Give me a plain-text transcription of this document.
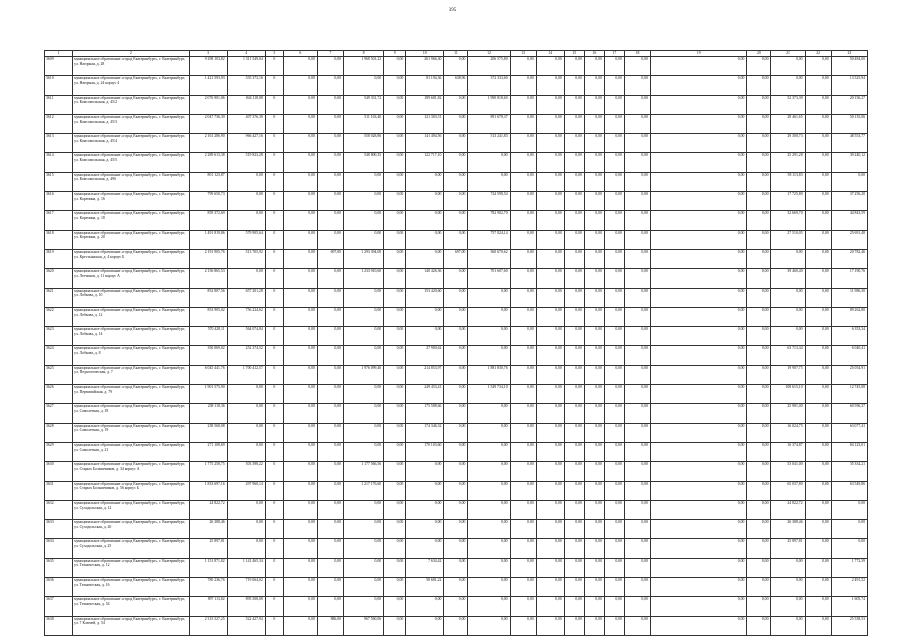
395
1	2	3	4	5	6	7	8	9	10	11	12	13	14	15	16	17	18	19	20	21	22	23
3609	муниципальное образование «город Екатеринбург», г. Екатеринбург, ул. Нагорная, д. 28	9 298 103,82	1 511 549,04	0	0,00	0,00	1 968 501,22	0,00	261 966,30	0,00	206 575,80	0,00	0,00	0,00	0,00	0,00	0,00	0,00	0,00	0,00	0,00	50 484,00
3610	муниципальное образование «город Екатеринбург», г. Екатеринбург, ул. Нагорная, д. 24 корпус 4	1 421 593,93	535 373,16	0	0,00	0,00	0,00	0,00	81 194,36	638,96	372 333,60	0,00	0,00	0,00	0,00	0,00	0,00	0,00	0,00	0,00	0,00	13 525,94
3611	муниципальное образование «город Екатеринбург», г. Екатеринбург, ул. Комсомольская, д. 45/2	2 076 901,06	844 118,08	0	0,00	0,00	549 331,72	0,00	189 681,82	0,00	1 990 818,60	0,00	0,00	0,00	0,00	0,00	0,00	0,00	0,00	52 373,39	0,00	20 156,27
3612	муниципальное образование «город Екатеринбург», г. Екатеринбург, ул. Комсомольская, д. 45/3	2 047 736,39	407 376,39	0	0,00	0,00	511 163,40	0,00	121 303,51	0,00	891 678,37	0,00	0,00	0,00	0,00	0,00	0,00	0,00	0,00	28 461,65	0,00	50 135,06
3613	муниципальное образование «город Екатеринбург», г. Екатеринбург, ул. Комсомольская, д. 45/4	2 161 286,90	966 427,16	0	0,00	0,00	558 028,86	0,00	141 494,56	0,00	513 241,83	0,00	0,00	0,00	0,00	0,00	0,00	0,00	0,00	29 300,73	0,00	48 553,77
3614	муниципальное образование «город Екатеринбург», г. Екатеринбург, ул. Комсомольская, д. 45/5	2 289 613,38	519 823,28	0	0,00	0,00	548 800,35	0,00	122 717,10	0,00	0,00	0,00	0,00	0,00	0,00	0,00	0,00	0,00	0,00	25 291,28	0,00	39 240,12
3615	муниципальное образование «город Екатеринбург», г. Екатеринбург, ул. Комсомольская, д. 49б	801 123,87	0,00	0	0,00	0,00	0,00	0,00	0,00	0,00	0,00	0,00	0,00	0,00	0,00	0,00	0,00	0,00	0,00	58 113,83	0,00	0,00
3616	муниципальное образование «город Екатеринбург», г. Екатеринбург, ул. Корепина, д. 16	799 650,73	0,00	0	0,00	0,00	0,00	0,00	0,00	0,00	724 598,54	0,00	0,00	0,00	0,00	0,00	0,00	0,00	0,00	17 725,80	0,00	37 256,20
3617	муниципальное образование «город Екатеринбург», г. Екатеринбург, ул. Корепина, д. 18	859 372,69	0,00	0	0,00	0,00	0,00	0,00	0,00	0,00	782 902,70	0,00	0,00	0,00	0,00	0,00	0,00	0,00	0,00	32 669,70	0,00	44 843,59
3618	муниципальное образование «город Екатеринбург», г. Екатеринбург, ул. Корепина, д. 20	1 491 819,86	579 905,64	0	0,00	0,00	0,00	0,00	0,00	0,00	757 824,14	0,00	0,00	0,00	0,00	0,00	0,00	0,00	0,00	27 510,05	0,00	25 691,48
3619	муниципальное образование «город Екатеринбург», г. Екатеринбург, ул. Крестьянская, д. 4 корпус Б	2 191 905,76	513 705,92	0	0,00	697,00	1 293 394,00	0,00	0,00	697,00	360 670,62	0,00	0,00	0,00	0,00	0,00	0,00	0,00	0,00	0,00	0,00	20 782,46
3620	муниципальное образование «город Екатеринбург», г. Екатеринбург, ул. Летчиков, д. 11 корпус А	2 156 865,53	0,00	0	0,00	0,00	1 233 910,60	0,00	140 426,36	0,00	701 607,60	0,00	0,00	0,00	0,00	0,00	0,00	0,00	0,00	39 460,40	0,00	17 190,76
3621	муниципальное образование «город Екатеринбург», г. Екатеринбург, ул. Лобкова, д. 10	852 807,56	657 201,28	0	0,00	0,00	0,00	0,00	153 420,60	0,00	0,00	0,00	0,00	0,00	0,00	0,00	0,00	0,00	0,00	0,00	0,00	11 986,30
3622	муниципальное образование «город Екатеринбург», г. Екатеринбург, ул. Лобкова, д. 12	853 905,02	756 224,62	0	0,00	0,00	0,00	0,00	0,00	0,00	0,00	0,00	0,00	0,00	0,00	0,00	0,00	0,00	0,00	0,00	0,00	89 262,80
3623	муниципальное образование «город Екатеринбург», г. Екатеринбург, ул. Лобкова, д. 14	570 428,11	564 074,84	0	0,00	0,00	0,00	0,00	0,00	0,00	0,00	0,00	0,00	0,00	0,00	0,00	0,00	0,00	0,00	0,00	0,00	6 353,34
3624	муниципальное образование «город Екатеринбург», г. Екатеринбург, ул. Лобкова, д. 8	350 069,02	252 374,52	0	0,00	0,00	0,00	0,00	27 900,62	0,00	0,00	0,00	0,00	0,00	0,00	0,00	0,00	0,00	0,00	63 713,34	0,00	6 040,41
3625	муниципальное образование «город Екатеринбург», г. Екатеринбург, ул. Педагогическая, д. 7	6 045 441,76	1 700 412,57	0	0,00	0,00	1 976 099,40	0,00	214 853,97	0,00	1 881 830,76	0,00	0,00	0,00	0,00	0,00	0,00	0,00	0,00	19 907,75	0,00	25 054,91
3626	муниципальное образование «город Екатеринбург», г. Екатеринбург, ул. Первомайская, д. 79	1 901 575,90	0,00	0	0,00	0,00	0,00	0,00	249 453,41	0,00	1 549 734,10	0,00	0,00	0,00	0,00	0,00	0,00	0,00	0,00	108 615,10	0,00	12 745,08
3627	муниципальное образование «город Екатеринбург», г. Екатеринбург, ул. Самолетная, д. 18	238 118,36	0,00	0	0,00	0,00	0,00	0,00	175 588,66	0,00	0,00	0,00	0,00	0,00	0,00	0,00	0,00	0,00	0,00	25 981,00	0,00	60 596,37
3628	муниципальное образование «город Екатеринбург», г. Екатеринбург, ул. Самолетная, д. 19	238 568,08	0,00	0	0,00	0,00	0,00	0,00	174 346,32	0,00	0,00	0,00	0,00	0,00	0,00	0,00	0,00	0,00	0,00	16 024,75	0,00	63 077,41
3629	муниципальное образование «город Екатеринбург», г. Екатеринбург, ул. Самолетная, д. 21	271 108,69	0,00	0	0,00	0,00	0,00	0,00	170 103,60	0,00	0,00	0,00	0,00	0,00	0,00	0,00	0,00	0,00	0,00	16 374,87	0,00	84 123,01
3630	муниципальное образование «город Екатеринбург», г. Екатеринбург, ул. Старых Большевиков, д. 34 корпус А	1 775 258,75	503 398,22	0	0,00	0,00	1 177 566,56	0,00	0,00	0,00	0,00	0,00	0,00	0,00	0,00	0,00	0,00	0,00	0,00	53 041,00	0,00	35 334,21
3631	муниципальное образование «город Екатеринбург», г. Екатеринбург, ул. Старых Большевиков, д. 56 корпус Б	1 833 697,16	297 960,14	0	0,00	0,00	1 217 176,60	0,00	0,00	0,00	0,00	0,00	0,00	0,00	0,00	0,00	0,00	0,00	0,00	65 037,80	0,00	63 549,86
3632	муниципальное образование «город Екатеринбург», г. Екатеринбург, ул. Суходольская, д. 12	24 822,72	0,00	0	0,00	0,00	0,00	0,00	0,00	0,00	0,00	0,00	0,00	0,00	0,00	0,00	0,00	0,00	0,00	24 822,72	0,00	0,00
3633	муниципальное образование «город Екатеринбург», г. Екатеринбург, ул. Суходольская, д. 20	26 388,46	0,00	0	0,00	0,00	0,00	0,00	0,00	0,00	0,00	0,00	0,00	0,00	0,00	0,00	0,00	0,00	0,00	26 388,46	0,00	0,00
3634	муниципальное образование «город Екатеринбург», г. Екатеринбург, ул. Суходольская, д. 25	25 897,81	0,00	0	0,00	0,00	0,00	0,00	0,00	0,00	0,00	0,00	0,00	0,00	0,00	0,00	0,00	0,00	0,00	25 897,81	0,00	0,00
3635	муниципальное образование «город Екатеринбург», г. Екатеринбург, ул. Техническая, д. 12	1 151 871,82	1 141 465,34	0	0,00	0,00	0,00	0,00	7 634,42	0,00	0,00	0,00	0,00	0,00	0,00	0,00	0,00	0,00	0,00	0,00	0,00	1 772,39
3636	муниципальное образование «город Екатеринбург», г. Екатеринбург, ул. Техническая, д. 16	780 236,76	719 064,02	0	0,00	0,00	0,00	0,00	58 681,22	0,00	0,00	0,00	0,00	0,00	0,00	0,00	0,00	0,00	0,00	0,00	0,00	2 491,52
3637	муниципальное образование «город Екатеринбург», г. Екатеринбург, ул. Техническая, д. 54	897 113,82	895 508,08	0	0,00	0,00	0,00	0,00	0,00	0,00	0,00	0,00	0,00	0,00	0,00	0,00	0,00	0,00	0,00	0,00	0,00	1 605,74
3638	муниципальное образование «город Екатеринбург», г. Екатеринбург, ул. 7 Ключей, д. 54	2 315 527,25	522 427,94	0	0,00	886,00	967 560,06	0,00	0,00	0,00	0,00	0,00	0,00	0,00	0,00	0,00	0,00	0,00	0,00	0,00	0,00	25 538,53
